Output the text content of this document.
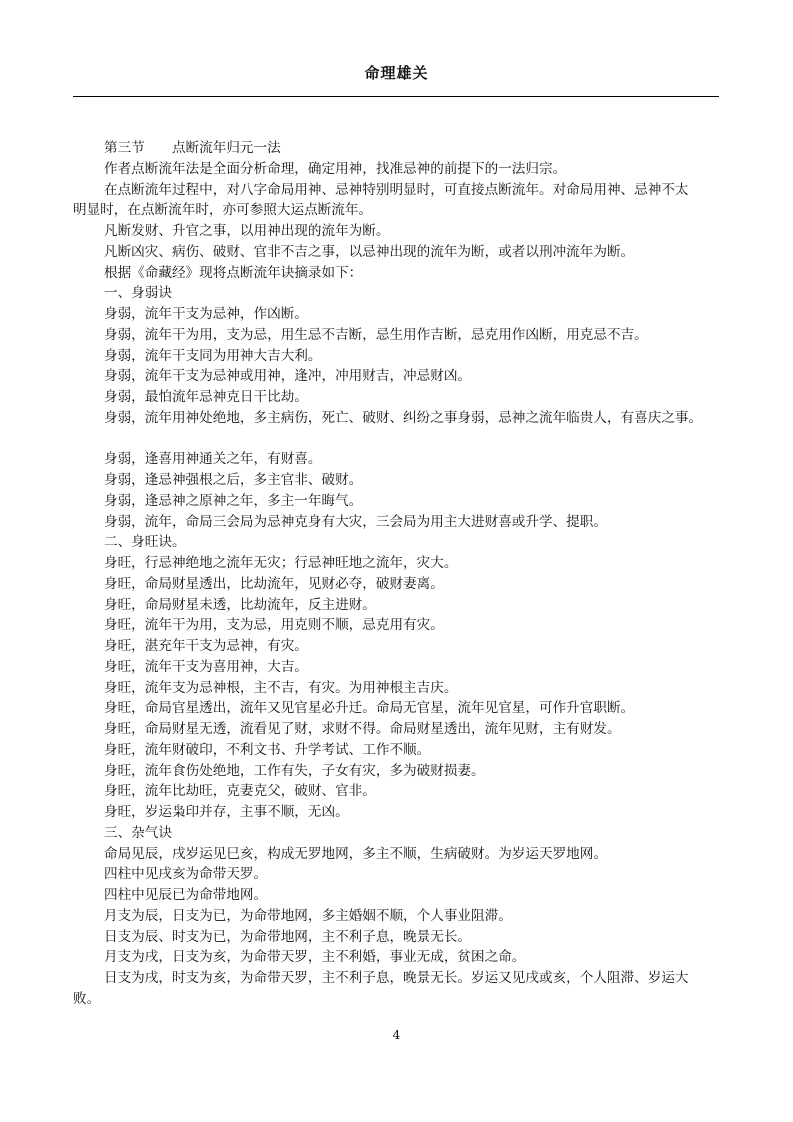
命理雄关
第三节　　点断流年归元一法
作者点断流年法是全面分析命理，确定用神，找准忌神的前提下的一法归宗。
在点断流年过程中，对八字命局用神、忌神特别明显时，可直接点断流年。对命局用神、忌神不太
明显时，在点断流年时，亦可参照大运点断流年。
凡断发财、升官之事，以用神出现的流年为断。
凡断凶灾、病伤、破财、官非不吉之事，以忌神出现的流年为断，或者以刑冲流年为断。
根据《命藏经》现将点断流年诀摘录如下：
一、身弱诀
身弱，流年干支为忌神，作凶断。
身弱，流年干为用，支为忌，用生忌不吉断，忌生用作吉断，忌克用作凶断，用克忌不吉。
身弱，流年干支同为用神大吉大利。
身弱，流年干支为忌神或用神，逢冲，冲用财吉，冲忌财凶。
身弱，最怕流年忌神克日干比劫。
身弱，流年用神处绝地，多主病伤，死亡、破财、纠纷之事身弱，忌神之流年临贵人，有喜庆之事。
身弱，逢喜用神通关之年，有财喜。
身弱，逢忌神强根之后，多主官非、破财。
身弱，逢忌神之原神之年，多主一年晦气。
身弱，流年，命局三会局为忌神克身有大灾，三会局为用主大进财喜或升学、提职。
二、身旺诀。
身旺，行忌神绝地之流年无灾；行忌神旺地之流年，灾大。
身旺，命局财星透出，比劫流年，见财必夺，破财妻离。
身旺，命局财星未透，比劫流年，反主进财。
身旺，流年干为用，支为忌，用克则不顺，忌克用有灾。
身旺，湛充年干支为忌神，有灾。
身旺，流年干支为喜用神，大吉。
身旺，流年支为忌神根，主不吉，有灾。为用神根主吉庆。
身旺，命局官星透出，流年又见官星必升迁。命局无官星，流年见官星，可作升官职断。
身旺，命局财星无透，流看见了财，求财不得。命局财星透出，流年见财，主有财发。
身旺，流年财破印，不利文书、升学考试、工作不顺。
身旺，流年食伤处绝地，工作有失，子女有灾，多为破财损妻。
身旺，流年比劫旺，克妻克父，破财、官非。
身旺，岁运枭印并存，主事不顺，无凶。
三、杂气诀
命局见辰，戌岁运见巳亥，构成无罗地网，多主不顺，生病破财。为岁运天罗地网。
四柱中见戌亥为命带天罗。
四柱中见辰已为命带地网。
月支为辰，日支为已，为命带地网，多主婚姻不顺，个人事业阻滞。
日支为辰、时支为已，为命带地网，主不利子息，晚景无长。
月支为戌，日支为亥，为命带天罗，主不利婚，事业无成，贫困之命。
日支为戌，时支为亥，为命带天罗，主不利子息，晚景无长。岁运又见戌或亥，个人阻滞、岁运大
败。
4
